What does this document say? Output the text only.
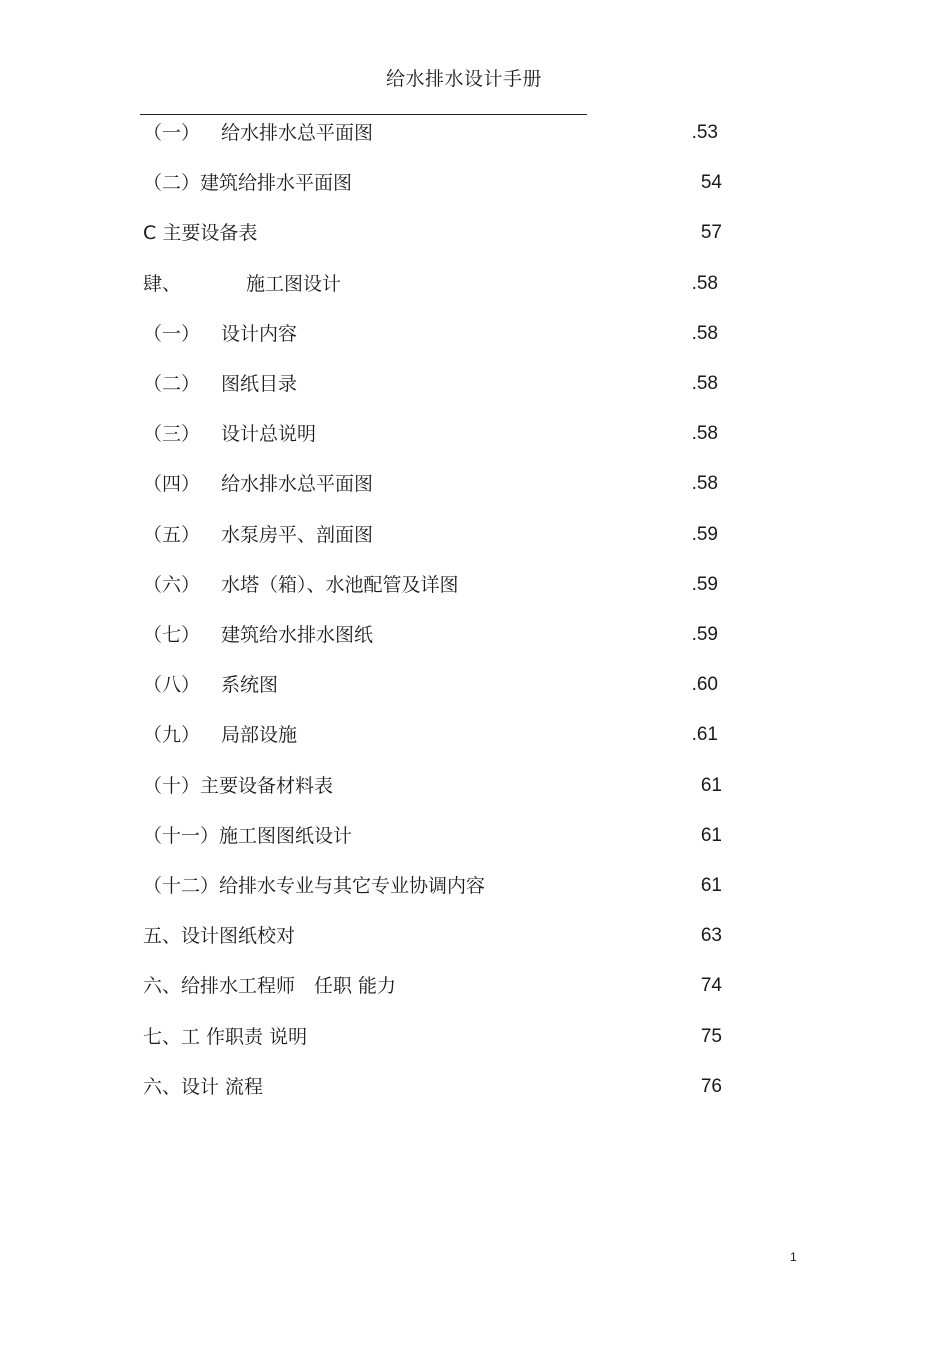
给水排水设计手册
（一） 给水排水总平面图	.53
（二）建筑给排水平面图	54
C 主要设备表	57
肆、　	施工图设计	.58
（一） 设计内容	.58
（二） 图纸目录	.58
（三） 设计总说明	.58
（四） 给水排水总平面图	.58
（五） 水泵房平、剖面图	.59
（六） 水塔（箱）、水池配管及详图	.59
（七） 建筑给水排水图纸	.59
（八） 系统图	.60
（九） 局部设施	.61
（十）主要设备材料表	61
（十一）施工图图纸设计	61
（十二）给排水专业与其它专业协调内容	61
五、设计图纸校对	63
六、给排水工程师　任职 能力	74
七、工 作职责 说明	75
六、设计 流程	76
1
